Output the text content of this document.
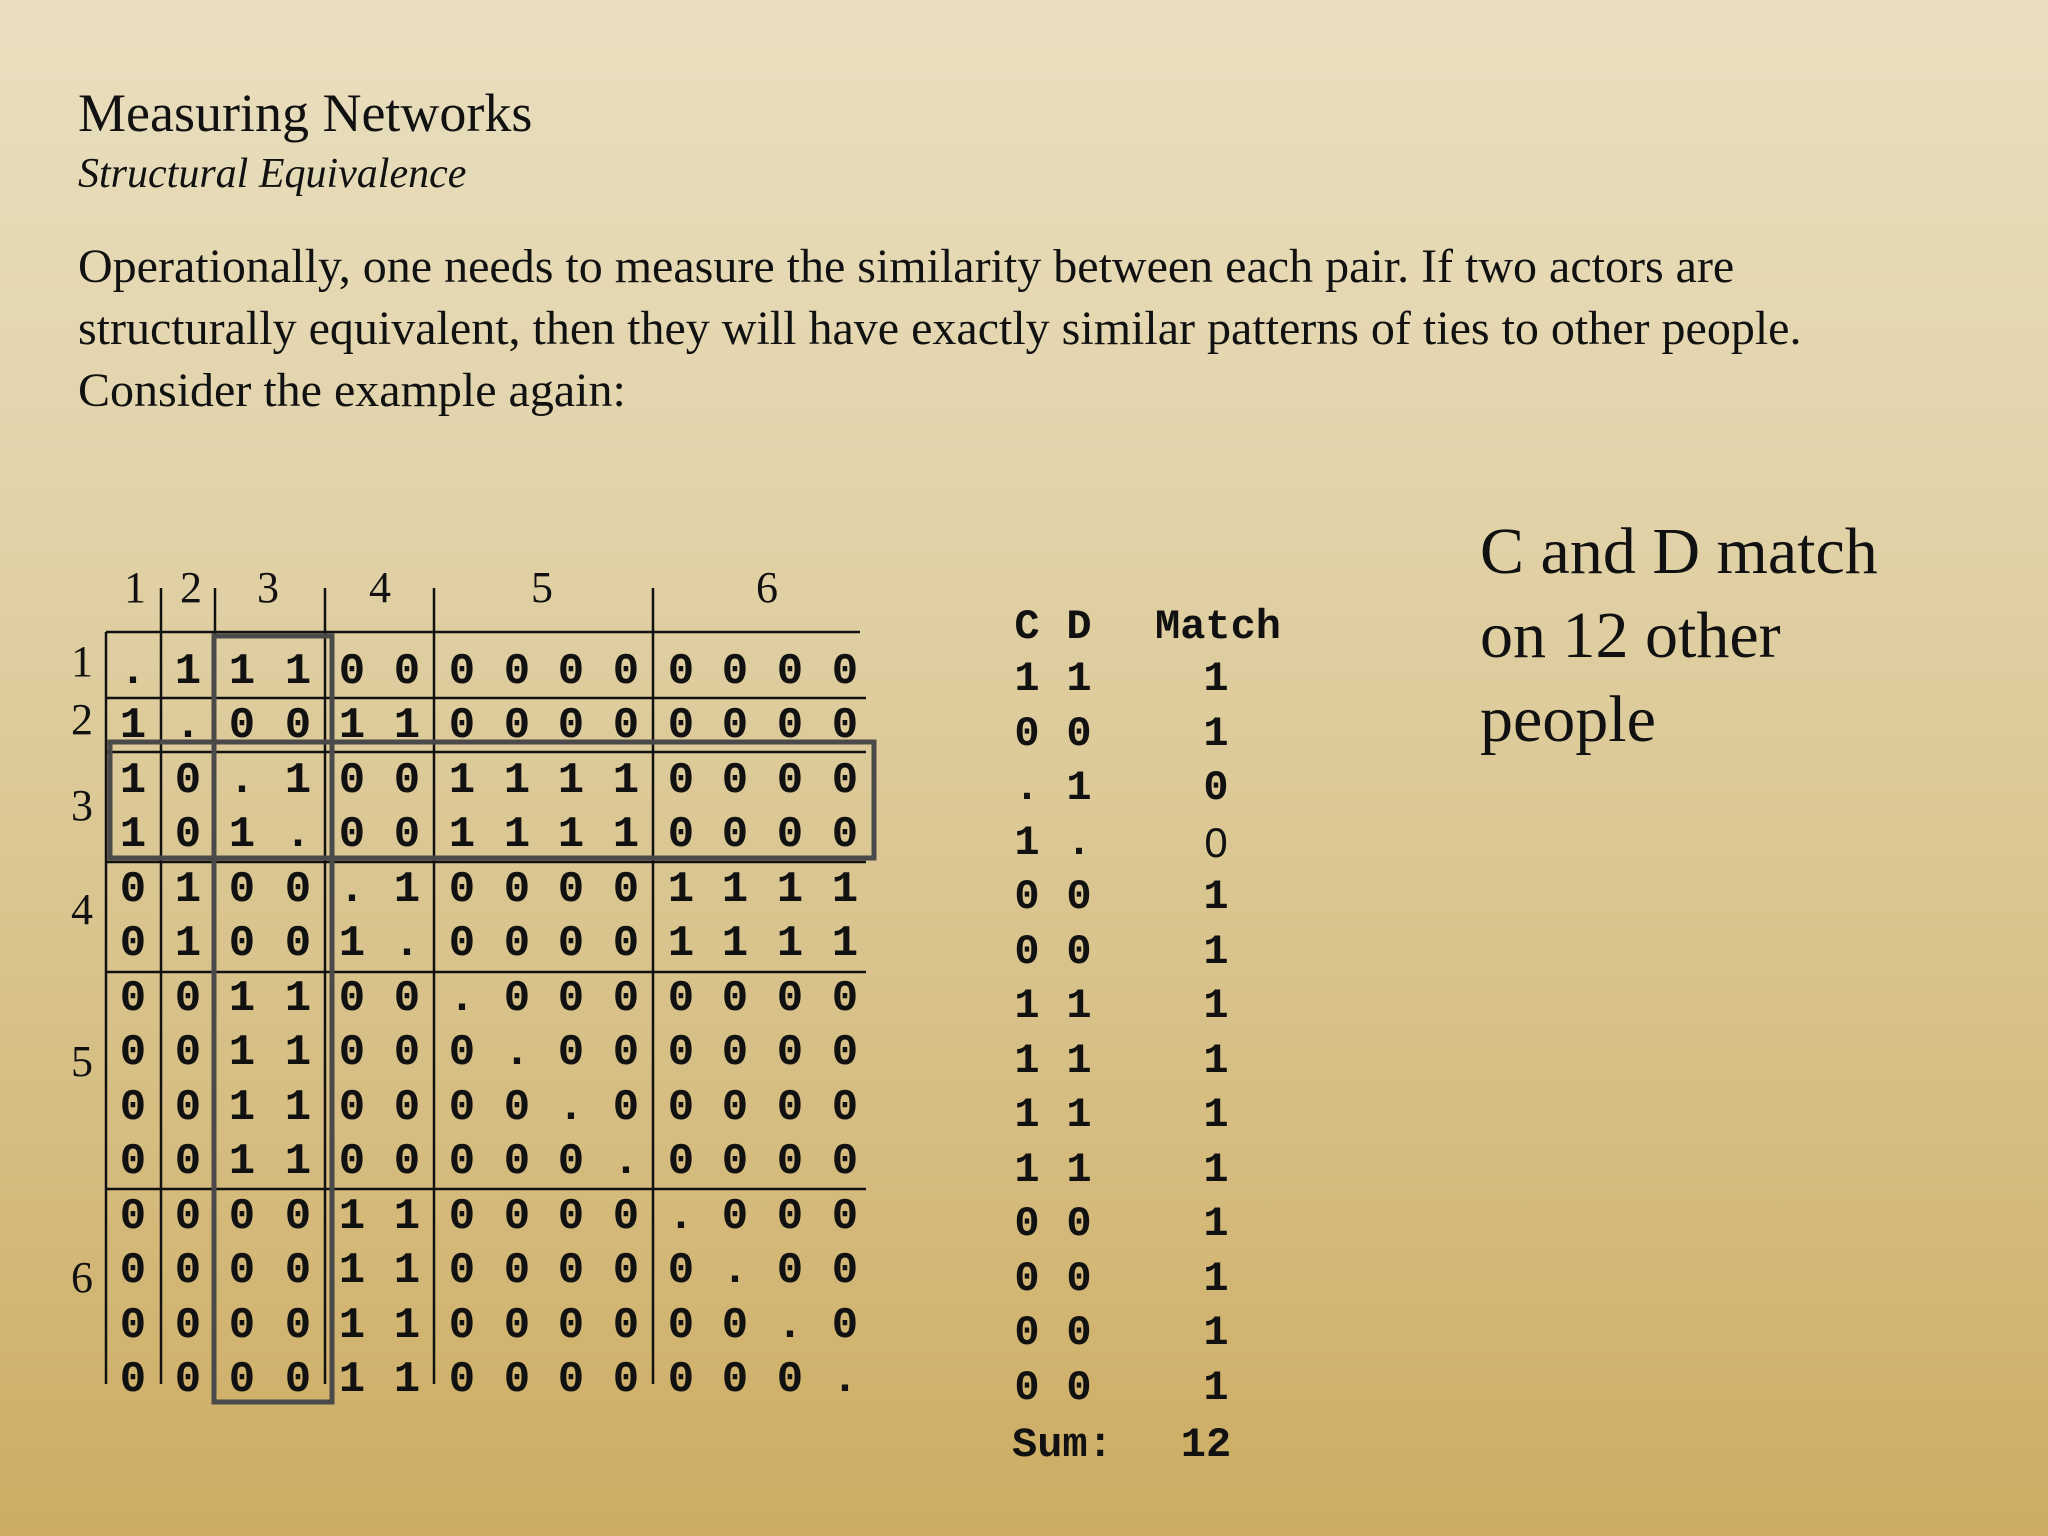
Measuring Networks
Structural Equivalence
Operationally, one needs to measure the similarity between each pair. If two actors are
structurally equivalent, then they will have exactly similar patterns of ties to other people.
Consider the example again:
1 2 3 4	5	6
1
2
3
4
5
6
. 1 1 1 0 0 0 0 0 0 0 0 0 0
1 . 0 0 1 1 0 0 0 0 0 0 0 0
1 0 . 1 0 0 1 1 1 1 0 0 0 0
1 0 1 . 0 0 1 1 1 1 0 0 0 0
0 1 0 0 . 1 0 0 0 0 1 1 1 1
0 1 0 0 1 . 0 0 0 0 1 1 1 1
0 0 1 1 0 0 . 0 0 0 0 0 0 0
0 0 1 1 0 0 0 . 0 0 0 0 0 0
0 0 1 1 0 0 0 0 . 0 0 0 0 0
0 0 1 1 0 0 0 0 0 . 0 0 0 0
0 0 0 0 1 1 0 0 0 0 . 0 0 0
0 0 0 0 1 1 0 0 0 0 0 . 0 0
0 0 0 0 1 1 0 0 0 0 0 0 . 0
0 0 0 0 1 1 0 0 0 0 0 0 0 .
C D Match
1 1	1
0 0	1
. 1	0
1 .	0
0 0	1
0 0	1
1 1	1
1 1	1
1 1	1
1 1	1
0 0	1
0 0	1
0 0	1
0 0	1
Sum: 12
C and D match
on 12 other
people
